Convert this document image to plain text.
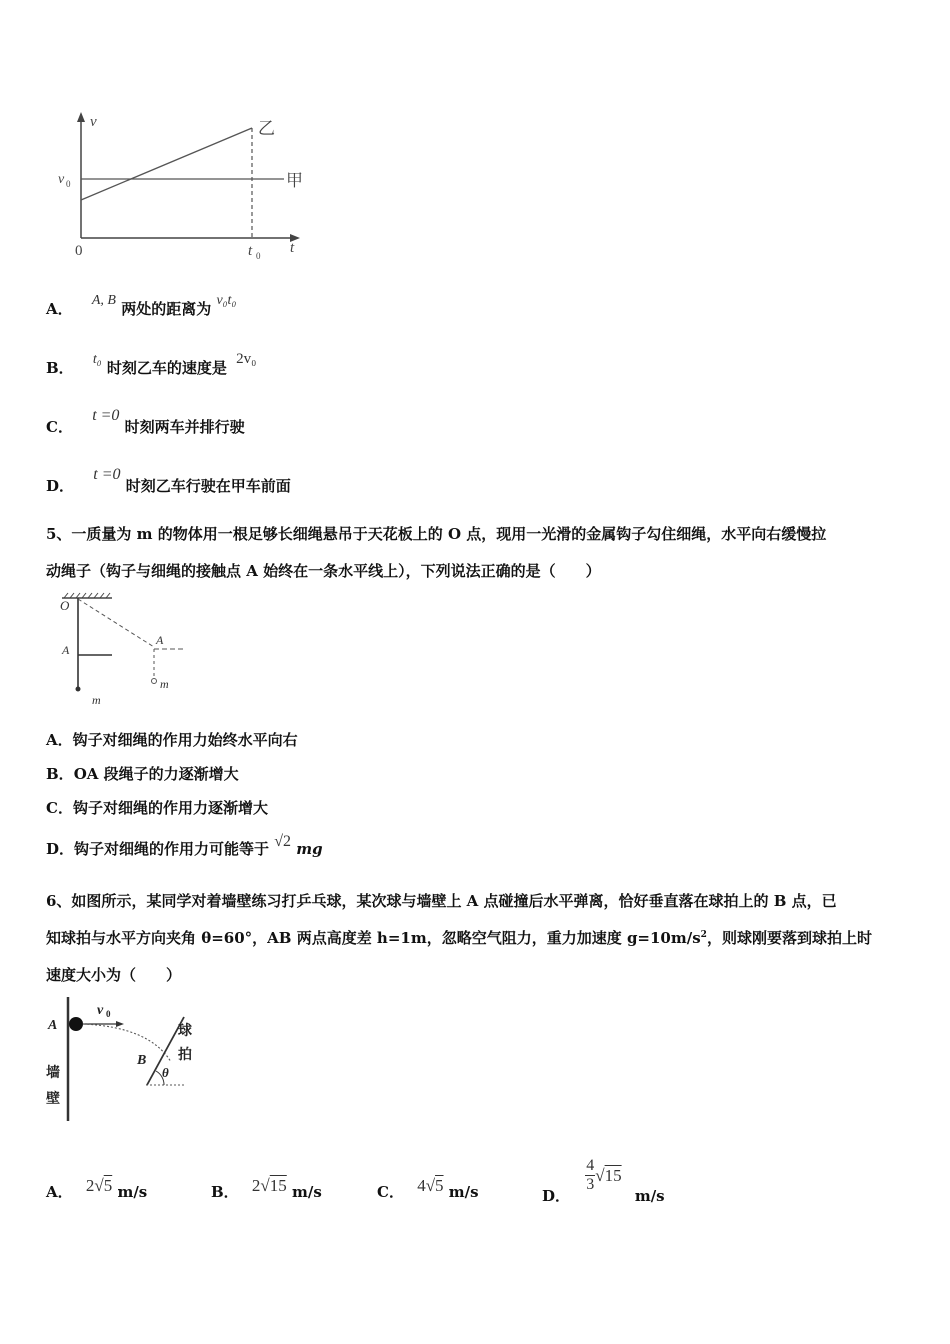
v
t
v 0
0	t 0
乙
甲
A． A, B 两处的距离为 v₀t₀
B． t₀ 时刻乙车的速度是 2v₀
C． t =0 时刻两车并排行驶
D． t =0 时刻乙车行驶在甲车前面
5、一质量为 m 的物体用一根足够长细绳悬吊于天花板上的 O 点，现用一光滑的金属钩子勾住细绳，水平向右缓慢拉
动绳子（钩子与细绳的接触点 A 始终在一条水平线上），下列说法正确的是（　　）
O
A
A
m
m
A．钩子对细绳的作用力始终水平向右
B．OA 段绳子的力逐渐增大
C．钩子对细绳的作用力逐渐增大
D．钩子对细绳的作用力可能等于 √2 mg
6、如图所示，某同学对着墙壁练习打乒乓球，某次球与墙壁上 A 点碰撞后水平弹离，恰好垂直落在球拍上的 B 点，已
知球拍与水平方向夹角 θ=60°，AB 两点高度差 h=1m，忽略空气阻力，重力加速度 $g=10m/s^2$，则球刚要落到球拍上时
速度大小为（　　）
A
v 0
B
θ
墙
壁
球
拍
A． 2√5 m/s	B． 2√15 m/s	C． 4√5 m/s	D．
$\frac{4}{3} √15$ m/s
